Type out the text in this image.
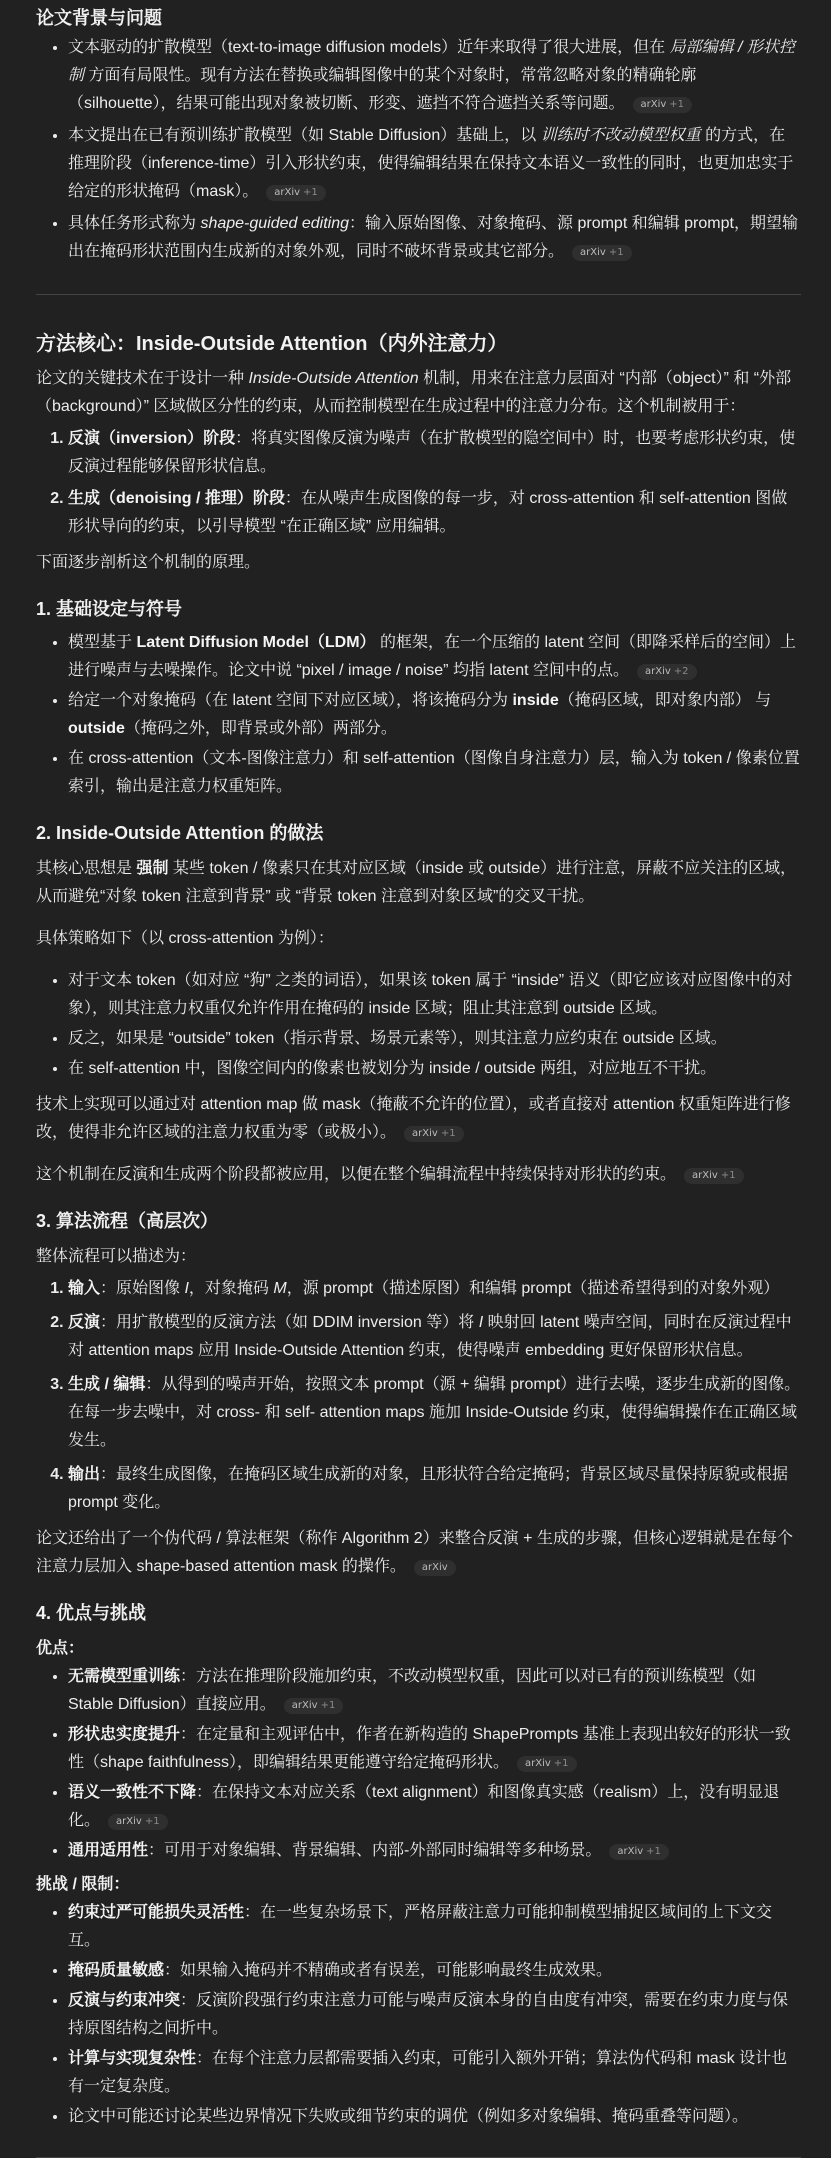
论文背景与问题
• 文本驱动的扩散模型（text-to-image diffusion models）近年来取得了很大进展，但在 局部编辑 / 形状控制 方面有局限性。现有方法在替换或编辑图像中的某个对象时，常常忽略对象的精确轮廓（silhouette），结果可能出现对象被切断、形变、遮挡不符合遮挡关系等问题。 arXiv +1
• 本文提出在已有预训练扩散模型（如 Stable Diffusion）基础上，以 训练时不改动模型权重 的方式，在推理阶段（inference-time）引入形状约束，使得编辑结果在保持文本语义一致性的同时，也更加忠实于给定的形状掩码（mask）。 arXiv +1
• 具体任务形式称为 shape-guided editing：输入原始图像、对象掩码、源 prompt 和编辑 prompt，期望输出在掩码形状范围内生成新的对象外观，同时不破坏背景或其它部分。 arXiv +1
方法核心：Inside-Outside Attention（内外注意力）

论文的关键技术在于设计一种 Inside-Outside Attention 机制，用来在注意力层面对 “内部（object）” 和 “外部（background）” 区域做区分性的约束，从而控制模型在生成过程中的注意力分布。这个机制被用于：

1. 反演（inversion）阶段：将真实图像反演为噪声（在扩散模型的隐空间中）时，也要考虑形状约束，使反演过程能够保留形状信息。
2. 生成（denoising / 推理）阶段：在从噪声生成图像的每一步，对 cross-attention 和 self-attention 图做形状导向的约束，以引导模型 “在正确区域” 应用编辑。

下面逐步剖析这个机制的原理。

1. 基础设定与符号
• 模型基于 Latent Diffusion Model（LDM） 的框架，在一个压缩的 latent 空间（即降采样后的空间）上进行噪声与去噪操作。论文中说 “pixel / image / noise” 均指 latent 空间中的点。 arXiv +2
• 给定一个对象掩码（在 latent 空间下对应区域），将该掩码分为 inside（掩码区域，即对象内部） 与 outside（掩码之外，即背景或外部）两部分。
• 在 cross-attention（文本-图像注意力）和 self-attention（图像自身注意力）层，输入为 token / 像素位置索引，输出是注意力权重矩阵。
2. Inside-Outside Attention 的做法

其核心思想是 强制 某些 token / 像素只在其对应区域（inside 或 outside）进行注意，屏蔽不应关注的区域，从而避免“对象 token 注意到背景” 或 “背景 token 注意到对象区域”的交叉干扰。

具体策略如下（以 cross-attention 为例）：

• 对于文本 token（如对应 “狗” 之类的词语），如果该 token 属于 “inside” 语义（即它应该对应图像中的对象），则其注意力权重仅允许作用在掩码的 inside 区域；阻止其注意到 outside 区域。
• 反之，如果是 “outside” token（指示背景、场景元素等），则其注意力应约束在 outside 区域。
• 在 self-attention 中，图像空间内的像素也被划分为 inside / outside 两组，对应地互不干扰。

技术上实现可以通过对 attention map 做 mask（掩蔽不允许的位置），或者直接对 attention 权重矩阵进行修改，使得非允许区域的注意力权重为零（或极小）。 arXiv +1

这个机制在反演和生成两个阶段都被应用，以便在整个编辑流程中持续保持对形状的约束。 arXiv +1

3. 算法流程（高层次）

整体流程可以描述为：

1. 输入：原始图像 I，对象掩码 M，源 prompt（描述原图）和编辑 prompt（描述希望得到的对象外观）
2. 反演：用扩散模型的反演方法（如 DDIM inversion 等）将 I 映射回 latent 噪声空间，同时在反演过程中对 attention maps 应用 Inside-Outside Attention 约束，使得噪声 embedding 更好保留形状信息。
3. 生成 / 编辑：从得到的噪声开始，按照文本 prompt（源 + 编辑 prompt）进行去噪，逐步生成新的图像。在每一步去噪中，对 cross- 和 self- attention maps 施加 Inside-Outside 约束，使得编辑操作在正确区域发生。
4. 输出：最终生成图像，在掩码区域生成新的对象，且形状符合给定掩码；背景区域尽量保持原貌或根据 prompt 变化。

论文还给出了一个伪代码 / 算法框架（称作 Algorithm 2）来整合反演 + 生成的步骤，但核心逻辑就是在每个注意力层加入 shape-based attention mask 的操作。 arXiv

4. 优点与挑战
优点：
• 无需模型重训练：方法在推理阶段施加约束，不改动模型权重，因此可以对已有的预训练模型（如 Stable Diffusion）直接应用。 arXiv +1
• 形状忠实度提升：在定量和主观评估中，作者在新构造的 ShapePrompts 基准上表现出较好的形状一致性（shape faithfulness），即编辑结果更能遵守给定掩码形状。 arXiv +1
• 语义一致性不下降：在保持文本对应关系（text alignment）和图像真实感（realism）上，没有明显退化。 arXiv +1
• 通用适用性：可用于对象编辑、背景编辑、内部-外部同时编辑等多种场景。 arXiv +1
挑战 / 限制：
• 约束过严可能损失灵活性：在一些复杂场景下，严格屏蔽注意力可能抑制模型捕捉区域间的上下文交互。
• 掩码质量敏感：如果输入掩码并不精确或者有误差，可能影响最终生成效果。
• 反演与约束冲突：反演阶段强行约束注意力可能与噪声反演本身的自由度有冲突，需要在约束力度与保持原图结构之间折中。
• 计算与实现复杂性：在每个注意力层都需要插入约束，可能引入额外开销；算法伪代码和 mask 设计也有一定复杂度。
• 论文中可能还讨论某些边界情况下失败或细节约束的调优（例如多对象编辑、掩码重叠等问题）。
